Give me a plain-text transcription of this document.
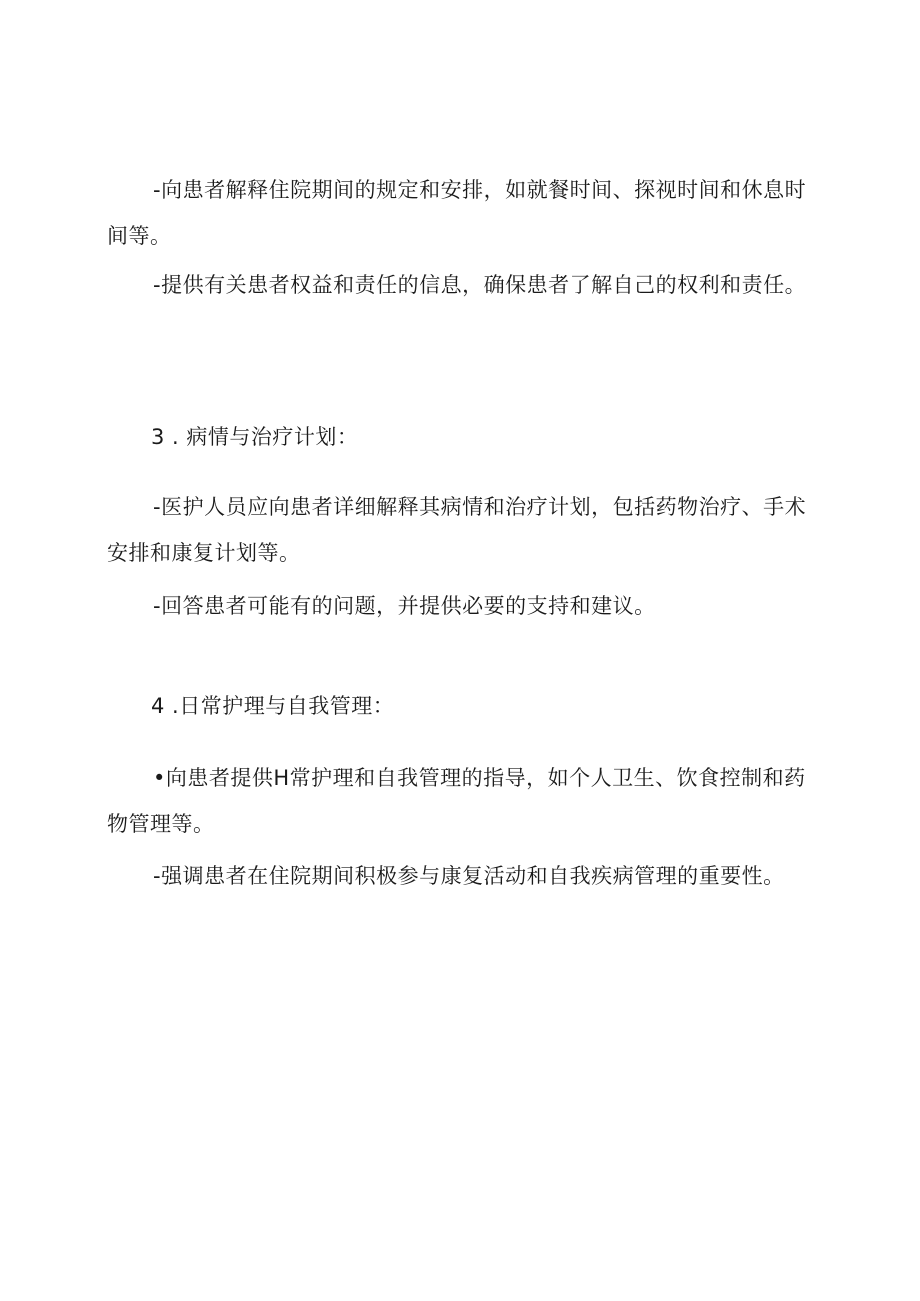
-向患者解释住院期间的规定和安排，如就餐时间、探视时间和休息时间等。

-提供有关患者权益和责任的信息，确保患者了解自己的权利和责任。

3 . 病情与治疗计划：

-医护人员应向患者详细解释其病情和治疗计划，包括药物治疗、手术安排和康复计划等。

-回答患者可能有的问题，并提供必要的支持和建议。

4 .日常护理与自我管理：

•向患者提供H常护理和自我管理的指导，如个人卫生、饮食控制和药物管理等。

-强调患者在住院期间积极参与康复活动和自我疾病管理的重要性。
